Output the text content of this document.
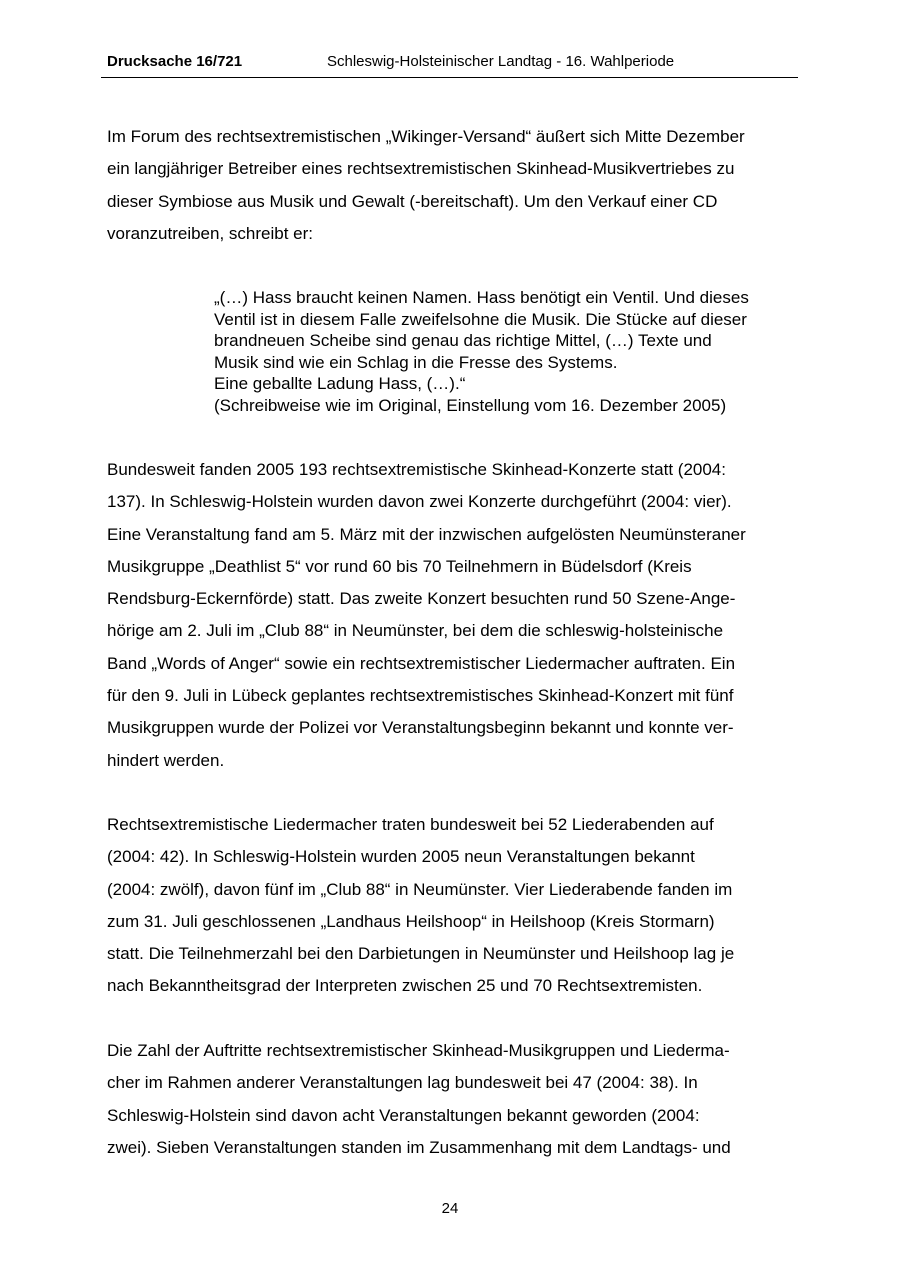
Drucksache 16/721	Schleswig-Holsteinischer Landtag - 16. Wahlperiode

Im Forum des rechtsextremistischen „Wikinger-Versand“ äußert sich Mitte Dezember
ein langjähriger Betreiber eines rechtsextremistischen Skinhead-Musikvertriebes zu
dieser Symbiose aus Musik und Gewalt (-bereitschaft). Um den Verkauf einer CD
voranzutreiben, schreibt er:

„(…) Hass braucht keinen Namen. Hass benötigt ein Ventil. Und dieses
Ventil ist in diesem Falle zweifelsohne die Musik. Die Stücke auf dieser
brandneuen Scheibe sind genau das richtige Mittel, (…) Texte und
Musik sind wie ein Schlag in die Fresse des Systems.
Eine geballte Ladung Hass, (…).“
(Schreibweise wie im Original, Einstellung vom 16. Dezember 2005)

Bundesweit fanden 2005 193 rechtsextremistische Skinhead-Konzerte statt (2004:
137). In Schleswig-Holstein wurden davon zwei Konzerte durchgeführt (2004: vier).
Eine Veranstaltung fand am 5. März mit der inzwischen aufgelösten Neumünsteraner
Musikgruppe „Deathlist 5“ vor rund 60 bis 70 Teilnehmern in Büdelsdorf (Kreis
Rendsburg-Eckernförde) statt. Das zweite Konzert besuchten rund 50 Szene-Ange-
hörige am 2. Juli im „Club 88“ in Neumünster, bei dem die schleswig-holsteinische
Band „Words of Anger“ sowie ein rechtsextremistischer Liedermacher auftraten. Ein
für den 9. Juli in Lübeck geplantes rechtsextremistisches Skinhead-Konzert mit fünf
Musikgruppen wurde der Polizei vor Veranstaltungsbeginn bekannt und konnte ver-
hindert werden.

Rechtsextremistische Liedermacher traten bundesweit bei 52 Liederabenden auf
(2004: 42). In Schleswig-Holstein wurden 2005 neun Veranstaltungen bekannt
(2004: zwölf), davon fünf im „Club 88“ in Neumünster. Vier Liederabende fanden im
zum 31. Juli geschlossenen „Landhaus Heilshoop“ in Heilshoop (Kreis Stormarn)
statt. Die Teilnehmerzahl bei den Darbietungen in Neumünster und Heilshoop lag je
nach Bekanntheitsgrad der Interpreten zwischen 25 und 70 Rechtsextremisten.

Die Zahl der Auftritte rechtsextremistischer Skinhead-Musikgruppen und Liederma-
cher im Rahmen anderer Veranstaltungen lag bundesweit bei 47 (2004: 38). In
Schleswig-Holstein sind davon acht Veranstaltungen bekannt geworden (2004:
zwei). Sieben Veranstaltungen standen im Zusammenhang mit dem Landtags- und

24
